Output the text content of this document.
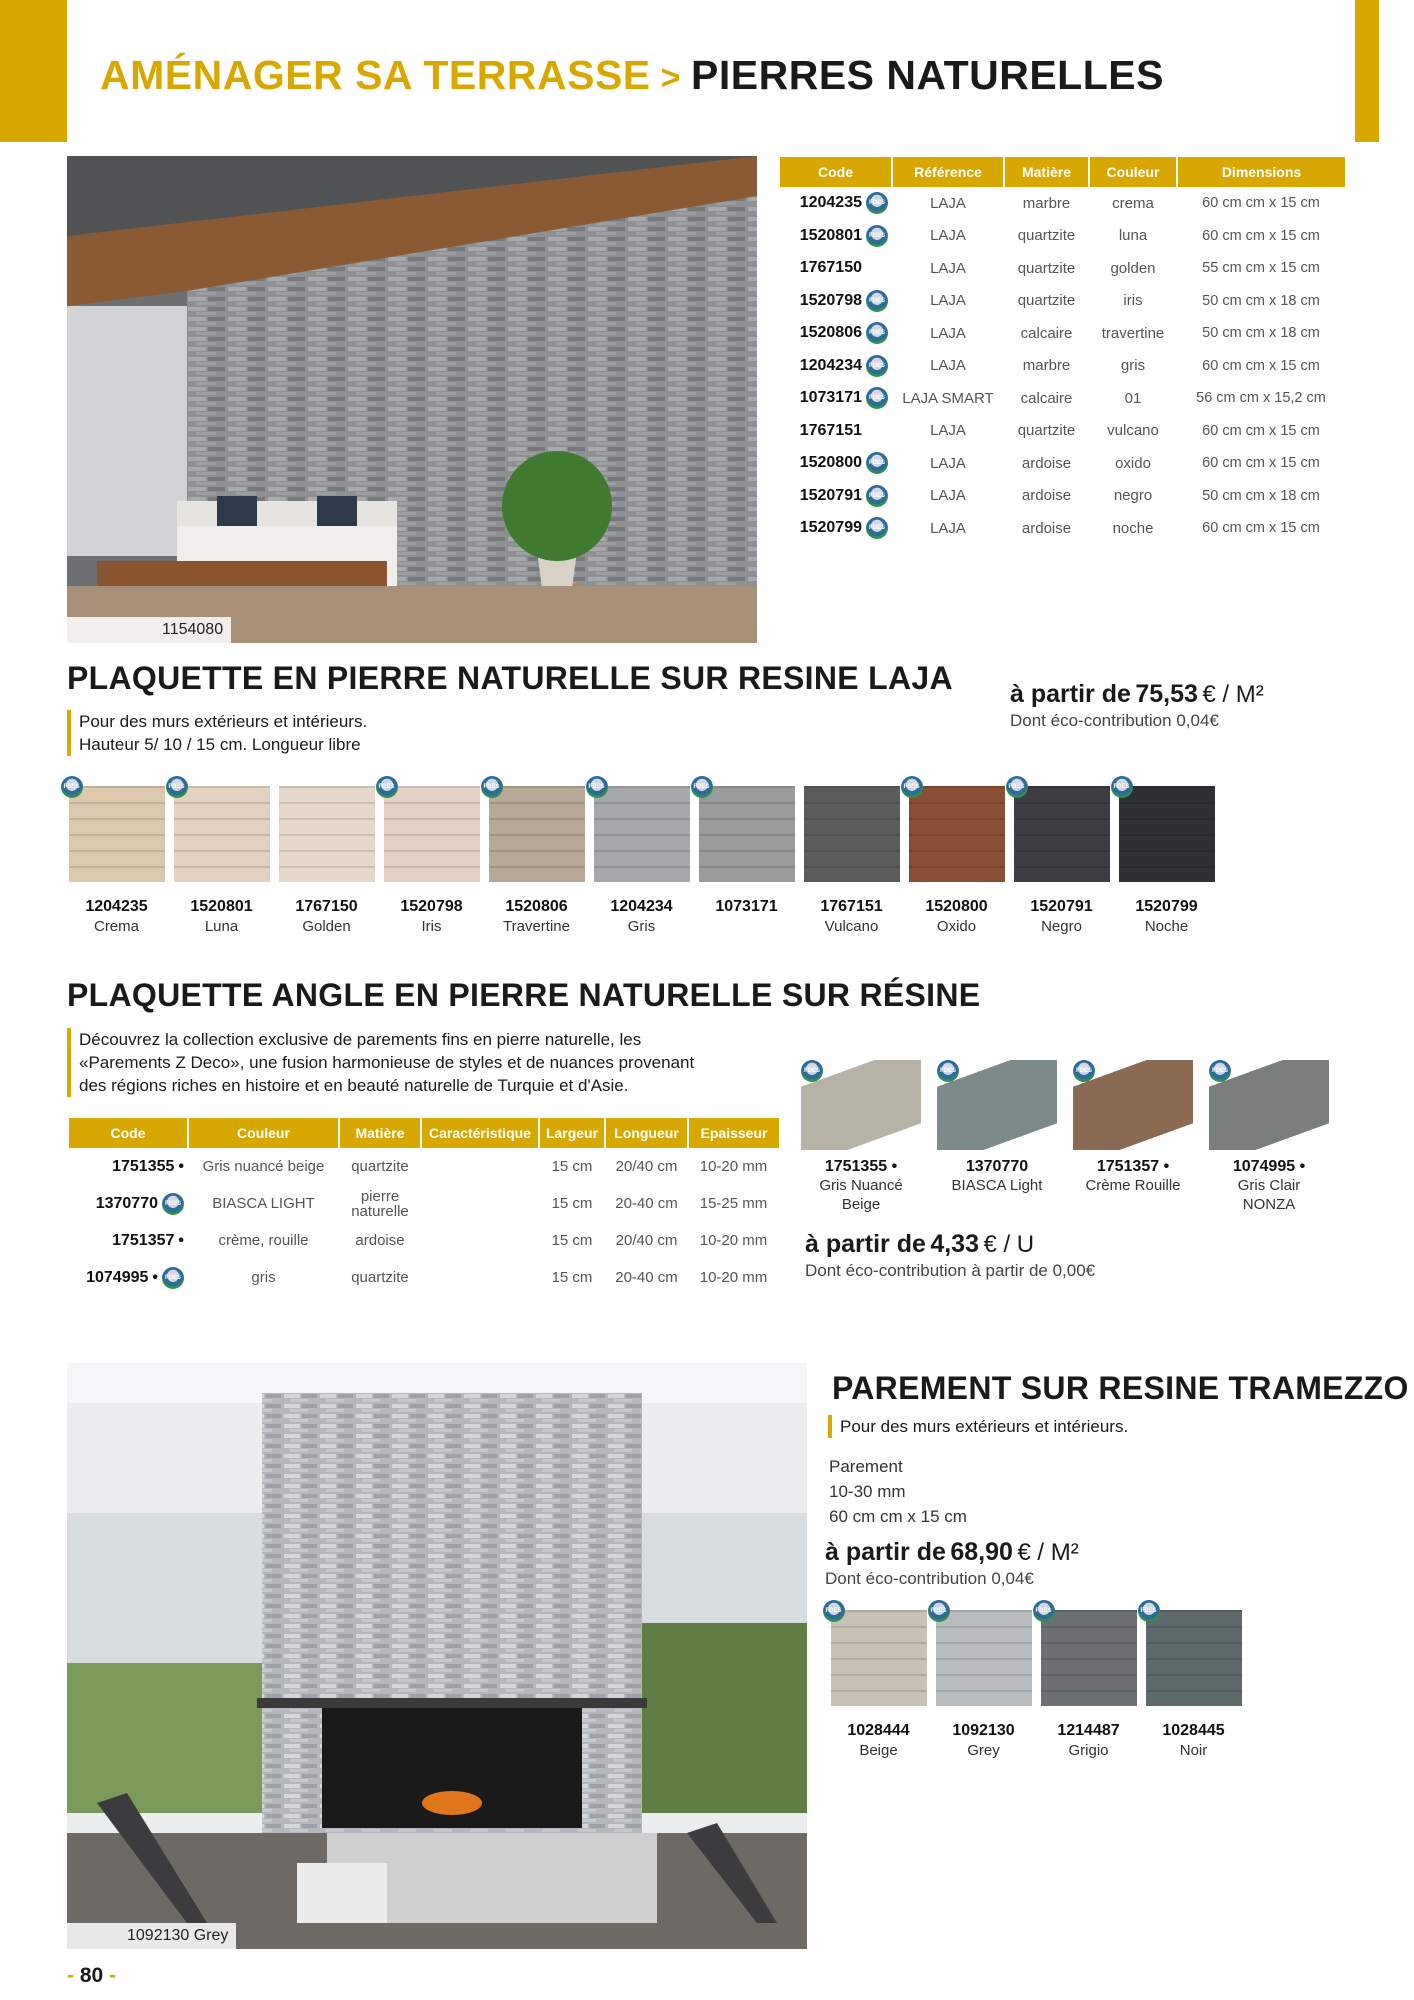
AMÉNAGER SA TERRASSE > PIERRES NATURELLES
1154080
Code	Référence	Matière	Couleur	Dimensions
1204235 FDES	LAJA	marbre	crema	60 cm cm x 15 cm
1520801 FDES	LAJA	quartzite	luna	60 cm cm x 15 cm
1767150	LAJA	quartzite	golden	55 cm cm x 15 cm
1520798 FDES	LAJA	quartzite	iris	50 cm cm x 18 cm
1520806 FDES	LAJA	calcaire	travertine	50 cm cm x 18 cm
1204234 FDES	LAJA	marbre	gris	60 cm cm x 15 cm
1073171 FDES	LAJA SMART	calcaire	01	56 cm cm x 15,2 cm
1767151	LAJA	quartzite	vulcano	60 cm cm x 15 cm
1520800 FDES	LAJA	ardoise	oxido	60 cm cm x 15 cm
1520791 FDES	LAJA	ardoise	negro	50 cm cm x 18 cm
1520799 FDES	LAJA	ardoise	noche	60 cm cm x 15 cm
PLAQUETTE EN PIERRE NATURELLE SUR RESINE LAJA
Pour des murs extérieurs et intérieurs.
Hauteur 5/ 10 / 15 cm. Longueur libre
à partir de 75,53 € / M²
Dont éco-contribution 0,04€
FDES
1204235
Crema
FDES
1520801
Luna
1767150
Golden
FDES
1520798
Iris
FDES
1520806
Travertine
FDES
1204234
Gris
FDES
1073171	1767151
Vulcano
FDES
1520800
Oxido
FDES
1520791
Negro
FDES
1520799
Noche
PLAQUETTE ANGLE EN PIERRE NATURELLE SUR RÉSINE
Découvrez la collection exclusive de parements fins en pierre naturelle, les
«Parements Z Deco», une fusion harmonieuse de styles et de nuances provenant
des régions riches en histoire et en beauté naturelle de Turquie et d'Asie.
Code	Couleur	Matière	Caractéristique	Largeur	Longueur	Epaisseur
1751355 •	Gris nuancé beige	quartzite		15 cm	20/40 cm	10-20 mm
1370770 FDES	BIASCA LIGHT	pierre naturelle		15 cm	20-40 cm	15-25 mm
1751357 •	crème, rouille	ardoise		15 cm	20/40 cm	10-20 mm
1074995 • FDES	gris	quartzite		15 cm	20-40 cm	10-20 mm
FDES
1751355 •
Gris Nuancé
Beige
FDES
1370770
BIASCA Light
FDES
1751357 •
Crème Rouille
FDES
1074995 •
Gris Clair
NONZA
à partir de 4,33 € / U
Dont éco-contribution à partir de 0,00€
1092130 Grey
PAREMENT SUR RESINE TRAMEZZO
Pour des murs extérieurs et intérieurs.
Parement
10-30 mm
60 cm cm x 15 cm
à partir de 68,90 € / M²
Dont éco-contribution 0,04€
FDES
1028444
Beige
FDES
1092130
Grey
FDES
1214487
Grigio
FDES
1028445
Noir
- 80 -
